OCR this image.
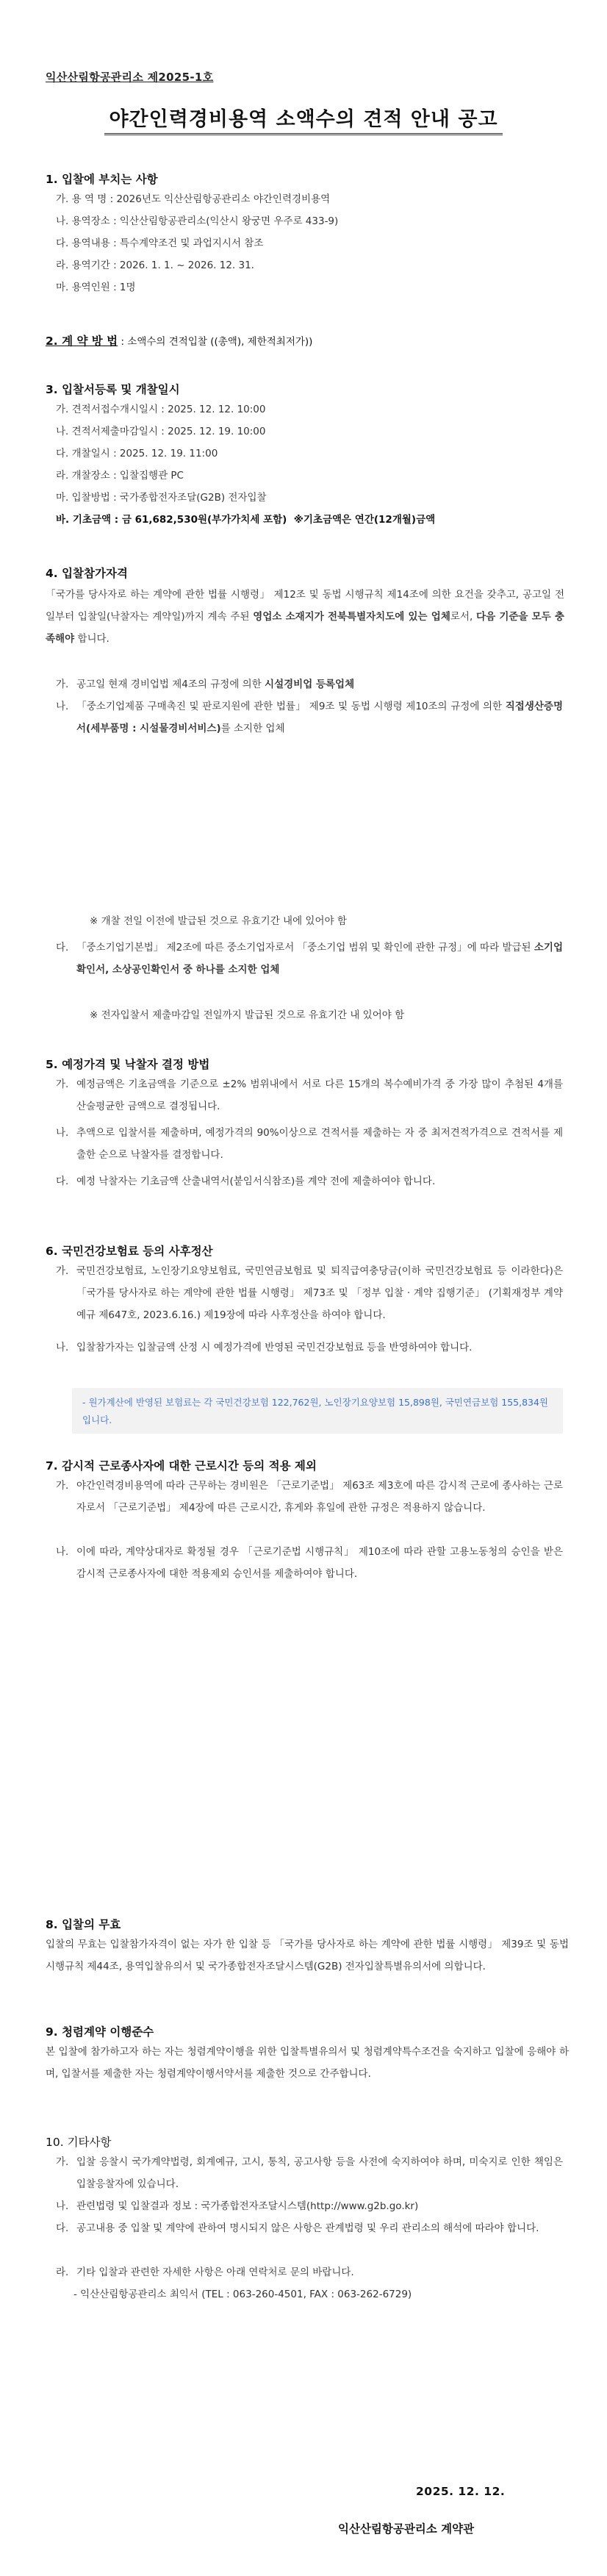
익산산림항공관리소 제2025-1호
야간인력경비용역 소액수의 견적 안내 공고
1. 입찰에 부치는 사항
가. 용 역 명 : 2026년도 익산산림항공관리소 야간인력경비용역
나. 용역장소 : 익산산림항공관리소(익산시 왕궁면 우주로 433-9)
다. 용역내용 : 특수계약조건 및 과업지시서 참조
라. 용역기간 : 2026. 1. 1. ~ 2026. 12. 31.
마. 용역인원 : 1명
2. 계 약 방 법 : 소액수의 견적입찰 ((총액), 제한적최저가))
3. 입찰서등록 및 개찰일시
가. 견적서접수개시일시 : 2025. 12. 12. 10:00
나. 견적서제출마감일시 : 2025. 12. 19. 10:00
다. 개찰일시 : 2025. 12. 19. 11:00
라. 개찰장소 : 입찰집행관 PC
마. 입찰방법 : 국가종합전자조달(G2B) 전자입찰
바. 기초금액 : 금 61,682,530원(부가가치세 포함) ※기초금액은 연간(12개월)금액
4. 입찰참가자격
「국가를 당사자로 하는 계약에 관한 법률 시행령」 제12조 및 동법 시행규칙 제14조에 의한 요건을 갖추고, 공고일 전일부터 입찰일(낙찰자는 계약일)까지 계속 주된 영업소 소재지가 전북특별자치도에 있는 업체로서, 다음 기준을 모두 충족해야 합니다.
가. 공고일 현재 경비업법 제4조의 규정에 의한 시설경비업 등록업체
나. 「중소기업제품 구매촉진 및 판로지원에 관한 법률」 제9조 및 동법 시행령 제10조의 규정에 의한 직접생산증명서(세부품명 : 시설물경비서비스)를 소지한 업체
※ 개찰 전일 이전에 발급된 것으로 유효기간 내에 있어야 함
다. 「중소기업기본법」 제2조에 따른 중소기업자로서 「중소기업 범위 및 확인에 관한 규정」에 따라 발급된 소기업확인서, 소상공인확인서 중 하나를 소지한 업체
※ 전자입찰서 제출마감일 전일까지 발급된 것으로 유효기간 내 있어야 함
5. 예정가격 및 낙찰자 결정 방법
가. 예정금액은 기초금액을 기준으로 ±2% 범위내에서 서로 다른 15개의 복수예비가격 중 가장 많이 추첨된 4개를 산술평균한 금액으로 결정됩니다.
나. 추액으로 입찰서를 제출하며, 예정가격의 90%이상으로 견적서를 제출하는 자 중 최저견적가격으로 견적서를 제출한 순으로 낙찰자를 결정합니다.
다. 예정 낙찰자는 기초금액 산출내역서(붙임서식참조)를 계약 전에 제출하여야 합니다.
6. 국민건강보험료 등의 사후정산
가. 국민건강보험료, 노인장기요양보험료, 국민연금보험료 및 퇴직급여충당금(이하 국민건강보험료 등 이라한다)은 「국가를 당사자로 하는 계약에 관한 법률 시행령」 제73조 및 「정부 입찰 · 계약 집행기준」 (기획재정부 계약예규 제647호, 2023.6.16.) 제19장에 따라 사후정산을 하여야 합니다.
나. 입찰참가자는 입찰금액 산정 시 예정가격에 반영된 국민건강보험료 등을 반영하여야 합니다.
- 원가계산에 반영된 보험료는 각 국민건강보험 122,762원, 노인장기요양보험 15,898원, 국민연금보험 155,834원입니다.
7. 감시적 근로종사자에 대한 근로시간 등의 적용 제외
가. 야간인력경비용역에 따라 근무하는 경비원은 「근로기준법」 제63조 제3호에 따른 감시적 근로에 종사하는 근로자로서 「근로기준법」 제4장에 따른 근로시간, 휴게와 휴일에 관한 규정은 적용하지 않습니다.
나. 이에 따라, 계약상대자로 확정될 경우 「근로기준법 시행규칙」 제10조에 따라 관할 고용노동청의 승인을 받은 감시적 근로종사자에 대한 적용제외 승인서를 제출하여야 합니다.
8. 입찰의 무효
입찰의 무효는 입찰참가자격이 없는 자가 한 입찰 등 「국가를 당사자로 하는 계약에 관한 법률 시행령」 제39조 및 동법 시행규칙 제44조, 용역입찰유의서 및 국가종합전자조달시스템(G2B) 전자입찰특별유의서에 의합니다.
9. 청렴계약 이행준수
본 입찰에 참가하고자 하는 자는 청렴계약이행을 위한 입찰특별유의서 및 청렴계약특수조건을 숙지하고 입찰에 응해야 하며, 입찰서를 제출한 자는 청렴계약이행서약서를 제출한 것으로 간주합니다.
10. 기타사항
가. 입찰 응찰시 국가계약법령, 회계예규, 고시, 통칙, 공고사항 등을 사전에 숙지하여야 하며, 미숙지로 인한 책임은 입찰응찰자에 있습니다.
나. 관련법령 및 입찰결과 정보 : 국가종합전자조달시스템(http://www.g2b.go.kr)
다. 공고내용 중 입찰 및 계약에 관하여 명시되지 않은 사항은 관계법령 및 우리 관리소의 해석에 따라야 합니다.
라. 기타 입찰과 관련한 자세한 사항은 아래 연락처로 문의 바랍니다.
- 익산산림항공관리소 최익서 (TEL : 063-260-4501, FAX : 063-262-6729)
2025. 12. 12.
익산산림항공관리소 계약관
